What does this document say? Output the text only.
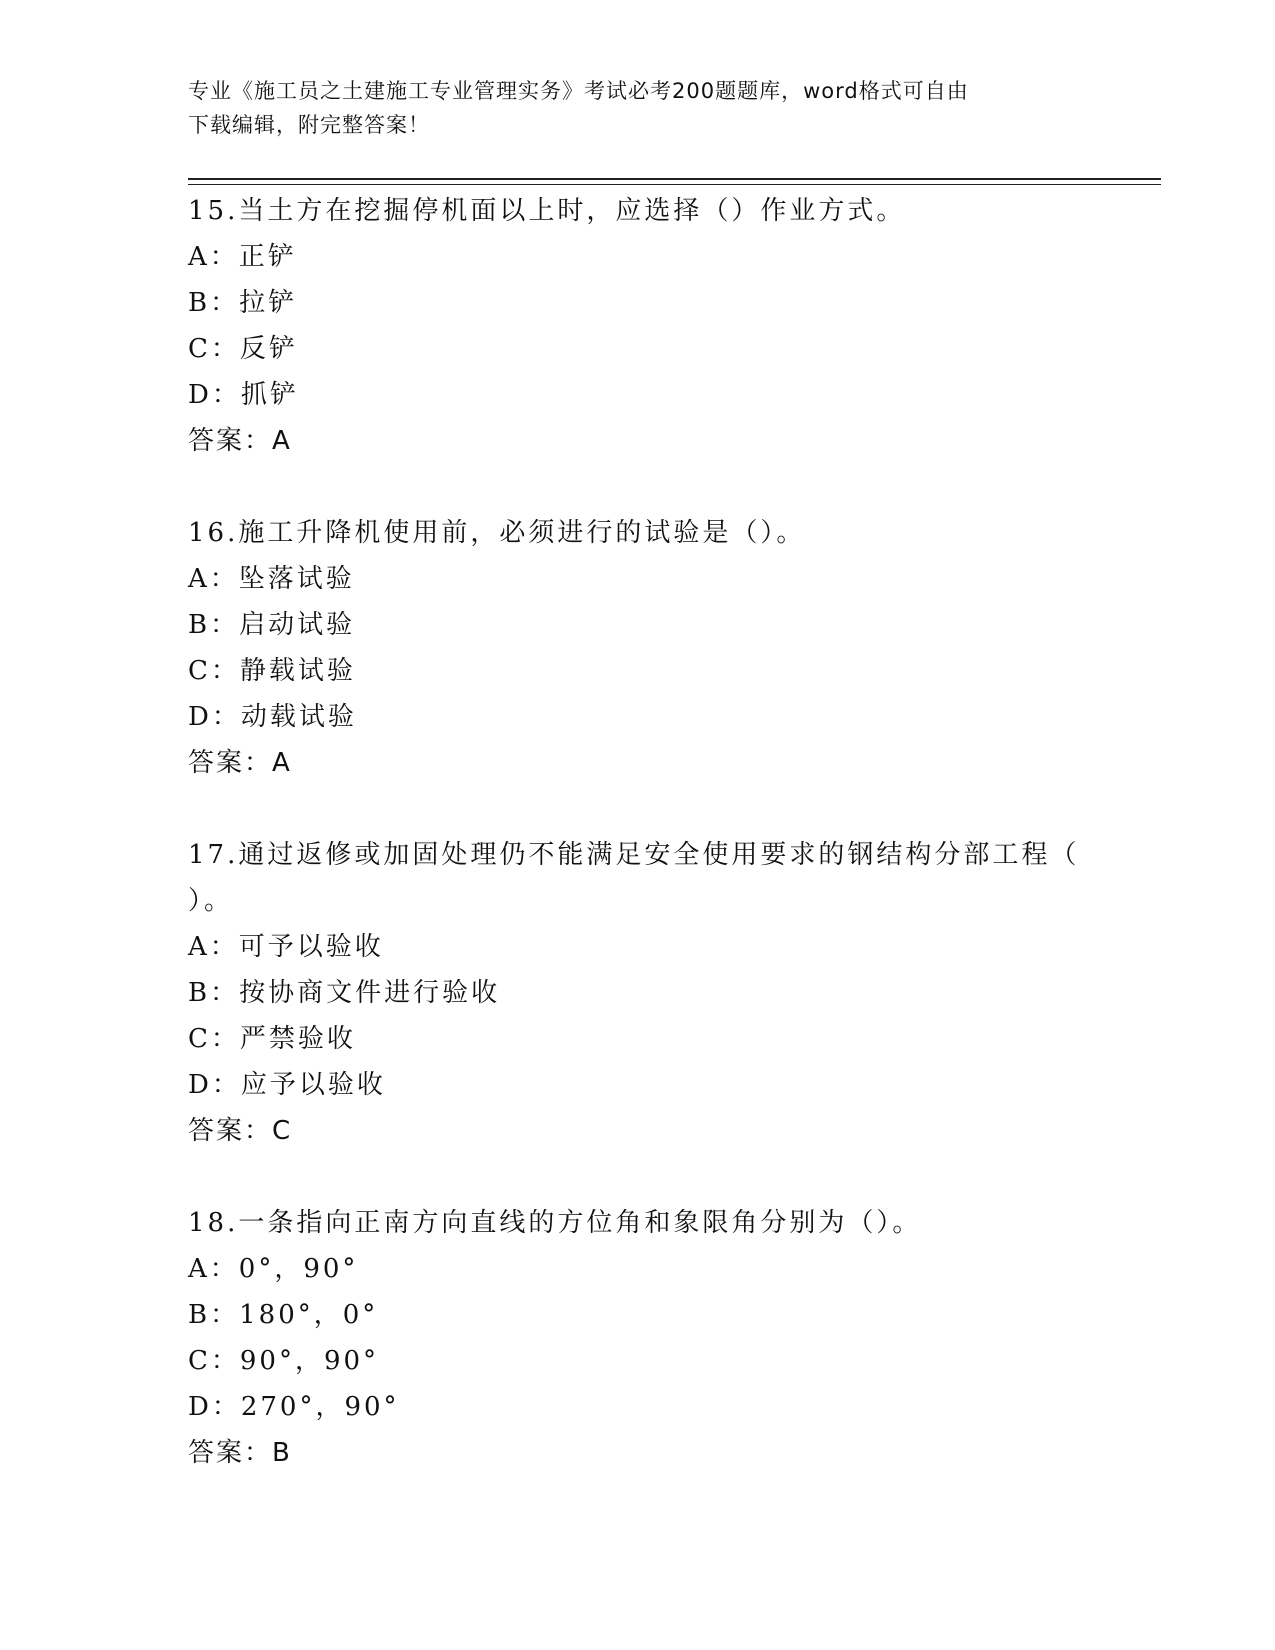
专业《施工员之土建施工专业管理实务》考试必考200题题库，word格式可自由
下载编辑，附完整答案！
15.当土方在挖掘停机面以上时，应选择（）作业方式。
A：正铲
B：拉铲
C：反铲
D：抓铲
答案：A
16.施工升降机使用前，必须进行的试验是（）。
A：坠落试验
B：启动试验
C：静载试验
D：动载试验
答案：A
17.通过返修或加固处理仍不能满足安全使用要求的钢结构分部工程（
）。
A：可予以验收
B：按协商文件进行验收
C：严禁验收
D：应予以验收
答案：C
18.一条指向正南方向直线的方位角和象限角分别为（）。
A：0°，90°
B：180°，0°
C：90°，90°
D：270°，90°
答案：B
